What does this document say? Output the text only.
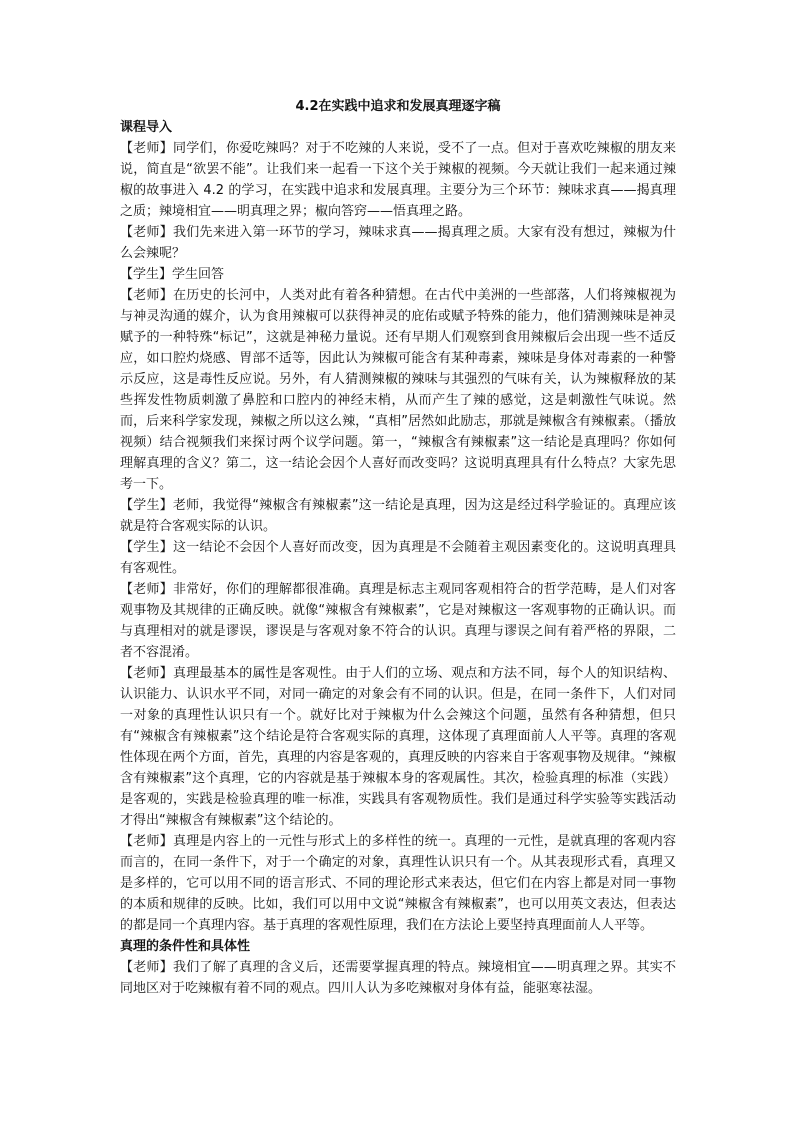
4.2在实践中追求和发展真理逐字稿

课程导入

【老师】同学们，你爱吃辣吗？对于不吃辣的人来说，受不了一点。但对于喜欢吃辣椒的朋友来说，简直是“欲罢不能”。让我们来一起看一下这个关于辣椒的视频。今天就让我们一起来通过辣椒的故事进入 4.2 的学习，在实践中追求和发展真理。主要分为三个环节：辣味求真——揭真理之质；辣境相宜——明真理之界；椒向答窍——悟真理之路。

【老师】我们先来进入第一环节的学习，辣味求真——揭真理之质。大家有没有想过，辣椒为什么会辣呢？

【学生】学生回答

【老师】在历史的长河中，人类对此有着各种猜想。在古代中美洲的一些部落，人们将辣椒视为与神灵沟通的媒介，认为食用辣椒可以获得神灵的庇佑或赋予特殊的能力，他们猜测辣味是神灵赋予的一种特殊“标记”，这就是神秘力量说。还有早期人们观察到食用辣椒后会出现一些不适反应，如口腔灼烧感、胃部不适等，因此认为辣椒可能含有某种毒素，辣味是身体对毒素的一种警示反应，这是毒性反应说。另外，有人猜测辣椒的辣味与其强烈的气味有关，认为辣椒释放的某些挥发性物质刺激了鼻腔和口腔内的神经末梢，从而产生了辣的感觉，这是刺激性气味说。然而，后来科学家发现，辣椒之所以这么辣，“真相”居然如此励志，那就是辣椒含有辣椒素。（播放视频）结合视频我们来探讨两个议学问题。第一，“辣椒含有辣椒素”这一结论是真理吗？你如何理解真理的含义？第二，这一结论会因个人喜好而改变吗？这说明真理具有什么特点？大家先思考一下。

【学生】老师，我觉得“辣椒含有辣椒素”这一结论是真理，因为这是经过科学验证的。真理应该就是符合客观实际的认识。

【学生】这一结论不会因个人喜好而改变，因为真理是不会随着主观因素变化的。这说明真理具有客观性。

【老师】非常好，你们的理解都很准确。真理是标志主观同客观相符合的哲学范畴，是人们对客观事物及其规律的正确反映。就像“辣椒含有辣椒素”，它是对辣椒这一客观事物的正确认识。而与真理相对的就是谬误，谬误是与客观对象不符合的认识。真理与谬误之间有着严格的界限，二者不容混淆。

【老师】真理最基本的属性是客观性。由于人们的立场、观点和方法不同，每个人的知识结构、认识能力、认识水平不同，对同一确定的对象会有不同的认识。但是，在同一条件下，人们对同一对象的真理性认识只有一个。就好比对于辣椒为什么会辣这个问题，虽然有各种猜想，但只有“辣椒含有辣椒素”这个结论是符合客观实际的真理，这体现了真理面前人人平等。真理的客观性体现在两个方面，首先，真理的内容是客观的，真理反映的内容来自于客观事物及规律。“辣椒含有辣椒素”这个真理，它的内容就是基于辣椒本身的客观属性。其次，检验真理的标准（实践）是客观的，实践是检验真理的唯一标准，实践具有客观物质性。我们是通过科学实验等实践活动才得出“辣椒含有辣椒素”这个结论的。

【老师】真理是内容上的一元性与形式上的多样性的统一。真理的一元性，是就真理的客观内容而言的，在同一条件下，对于一个确定的对象，真理性认识只有一个。从其表现形式看，真理又是多样的，它可以用不同的语言形式、不同的理论形式来表达，但它们在内容上都是对同一事物的本质和规律的反映。比如，我们可以用中文说“辣椒含有辣椒素”，也可以用英文表达，但表达的都是同一个真理内容。基于真理的客观性原理，我们在方法论上要坚持真理面前人人平等。

真理的条件性和具体性

【老师】我们了解了真理的含义后，还需要掌握真理的特点。辣境相宜——明真理之界。其实不同地区对于吃辣椒有着不同的观点。四川人认为多吃辣椒对身体有益，能驱寒祛湿。
